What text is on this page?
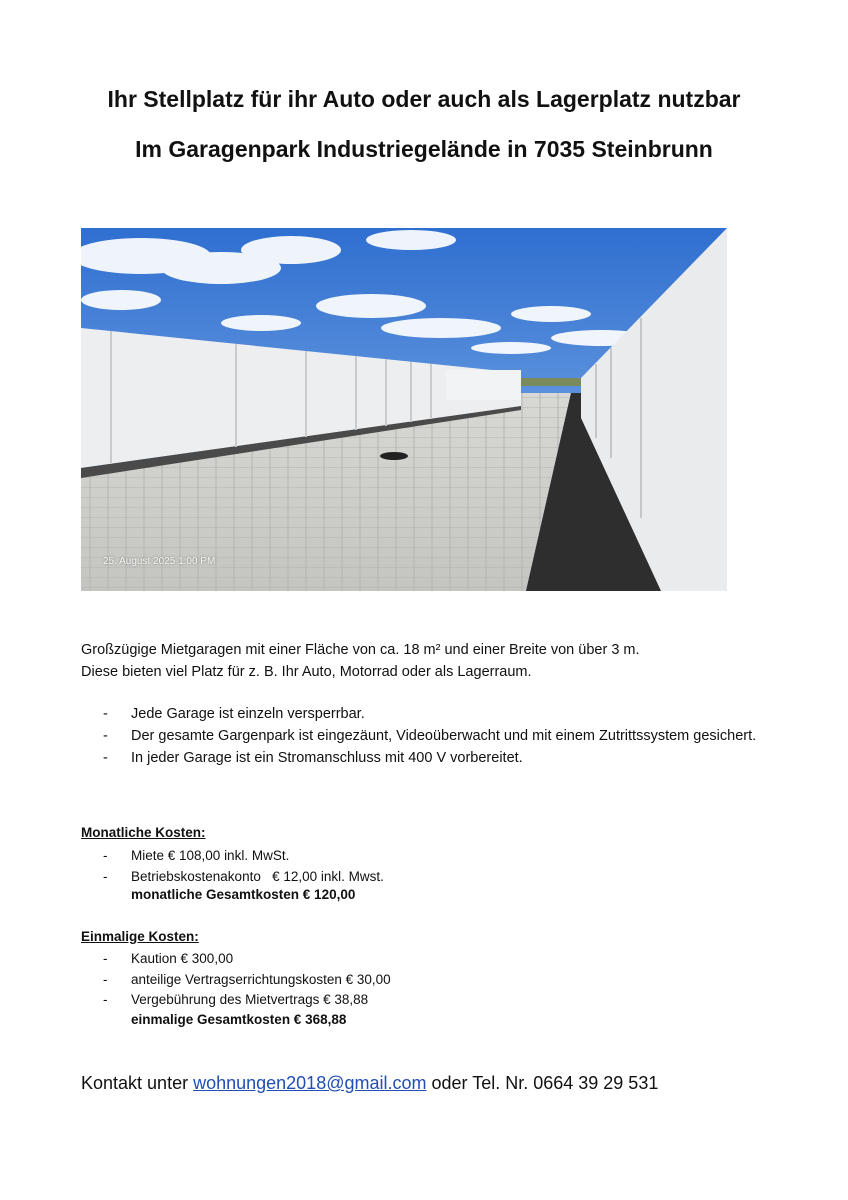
Ihr Stellplatz für ihr Auto oder auch als Lagerplatz nutzbar
Im Garagenpark Industriegelände in 7035 Steinbrunn
25. August 2025 1:00 PM
Großzügige Mietgaragen mit einer Fläche von ca. 18 m² und einer Breite von über 3 m.
Diese bieten viel Platz für z. B. Ihr Auto, Motorrad oder als Lagerraum.
- Jede Garage ist einzeln versperrbar.
- Der gesamte Gargenpark ist eingezäunt, Videoüberwacht und mit einem Zutrittssystem gesichert.
- In jeder Garage ist ein Stromanschluss mit 400 V vorbereitet.
Monatliche Kosten:
- Miete € 108,00 inkl. MwSt.
- Betriebskostenakonto   € 12,00 inkl. Mwst.
monatliche Gesamtkosten € 120,00
Einmalige Kosten:
- Kaution € 300,00
- anteilige Vertragserrichtungskosten € 30,00
- Vergebührung des Mietvertrags € 38,88
einmalige Gesamtkosten € 368,88
Kontakt unter wohnungen2018@gmail.com oder Tel. Nr. 0664 39 29 531
